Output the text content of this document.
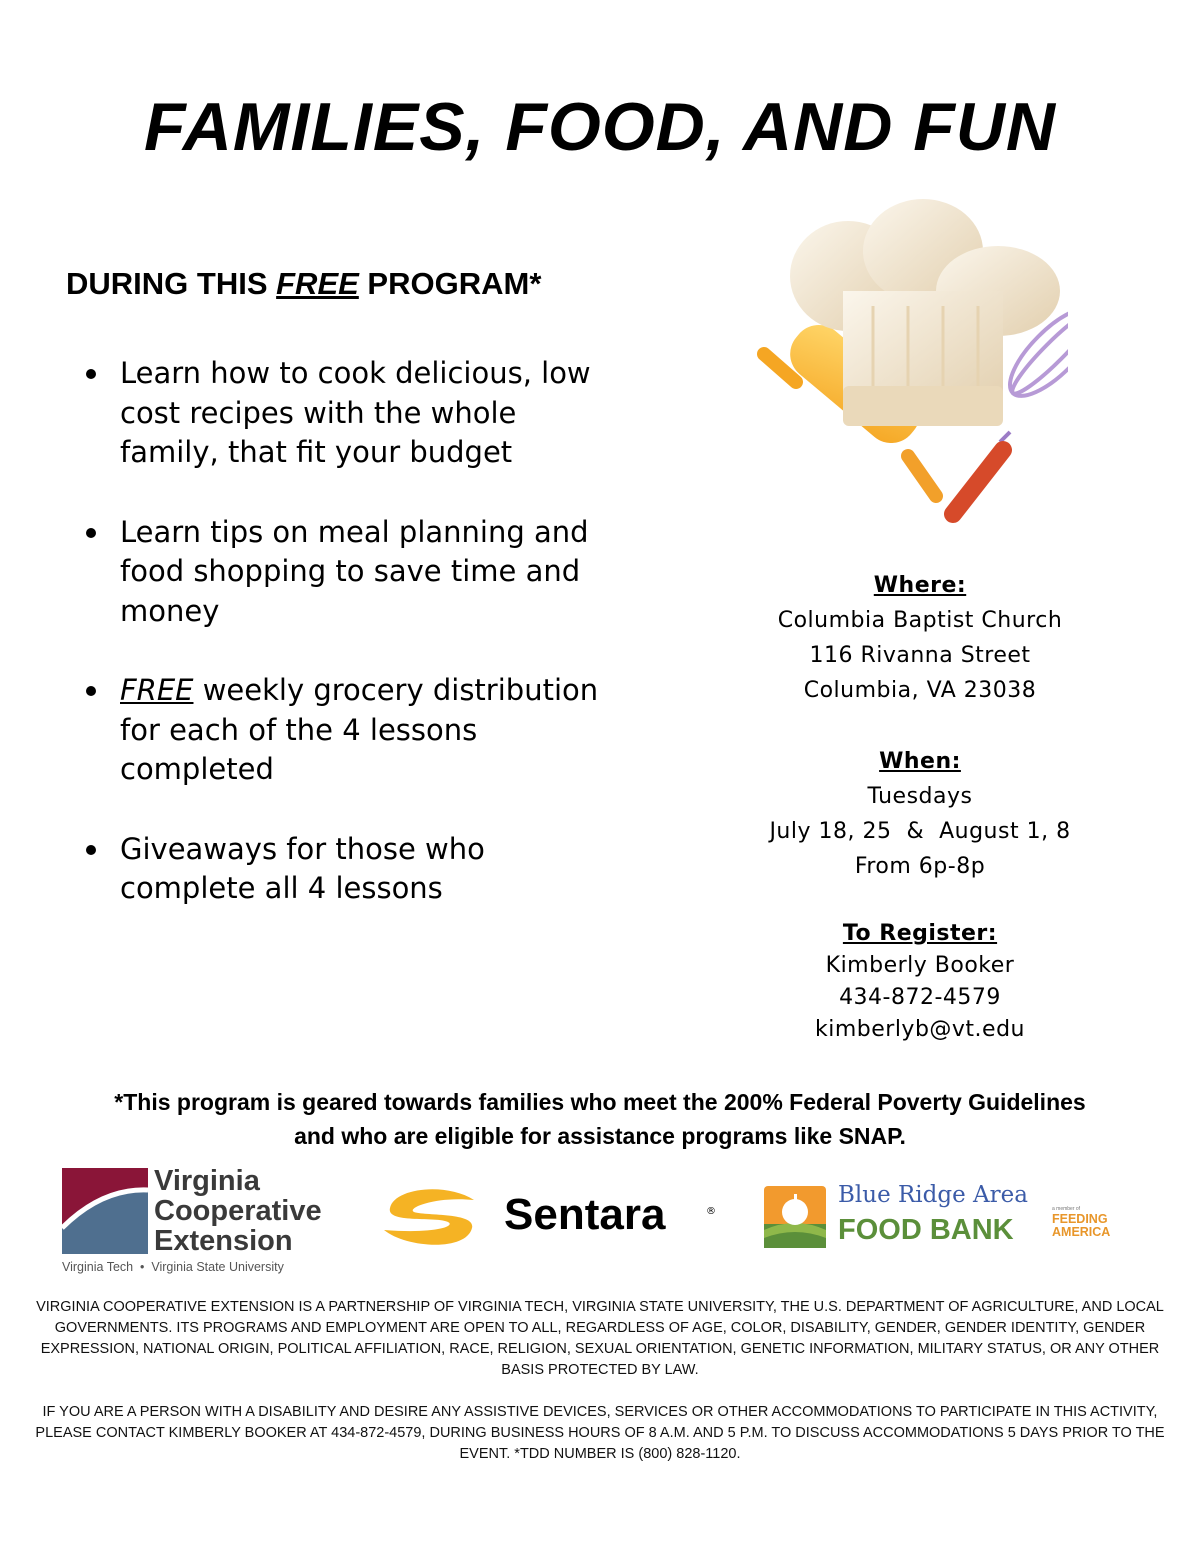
FAMILIES, FOOD, AND FUN
DURING THIS FREE PROGRAM*
Learn how to cook delicious, low cost recipes with the whole family, that fit your budget
Learn tips on meal planning and food shopping to save time and money
FREE weekly grocery distribution for each of the 4 lessons completed
Giveaways for those who complete all 4 lessons
Where:
Columbia Baptist Church
116 Rivanna Street
Columbia, VA 23038
When:
Tuesdays
July 18, 25  &  August 1, 8
From 6p-8p
To Register:
Kimberly Booker
434-872-4579
kimberlyb@vt.edu
*This program is geared towards families who meet the 200% Federal Poverty Guidelines
and who are eligible for assistance programs like SNAP.
Virginia
Cooperative
Extension
Virginia Tech  •  Virginia State University
Sentara	®
Blue Ridge Area
FOOD BANK
a member of
FEEDING
AMERICA
VIRGINIA COOPERATIVE EXTENSION IS A PARTNERSHIP OF VIRGINIA TECH, VIRGINIA STATE UNIVERSITY, THE U.S. DEPARTMENT OF AGRICULTURE, AND LOCAL GOVERNMENTS. ITS PROGRAMS AND EMPLOYMENT ARE OPEN TO ALL, REGARDLESS OF AGE, COLOR, DISABILITY, GENDER, GENDER IDENTITY, GENDER EXPRESSION, NATIONAL ORIGIN, POLITICAL AFFILIATION, RACE, RELIGION, SEXUAL ORIENTATION, GENETIC INFORMATION, MILITARY STATUS, OR ANY OTHER BASIS PROTECTED BY LAW.
IF YOU ARE A PERSON WITH A DISABILITY AND DESIRE ANY ASSISTIVE DEVICES, SERVICES OR OTHER ACCOMMODATIONS TO PARTICIPATE IN THIS ACTIVITY, PLEASE CONTACT KIMBERLY BOOKER AT 434-872-4579, DURING BUSINESS HOURS OF 8 A.M. AND 5 P.M. TO DISCUSS ACCOMMODATIONS 5 DAYS PRIOR TO THE EVENT. *TDD NUMBER IS (800) 828-1120.
